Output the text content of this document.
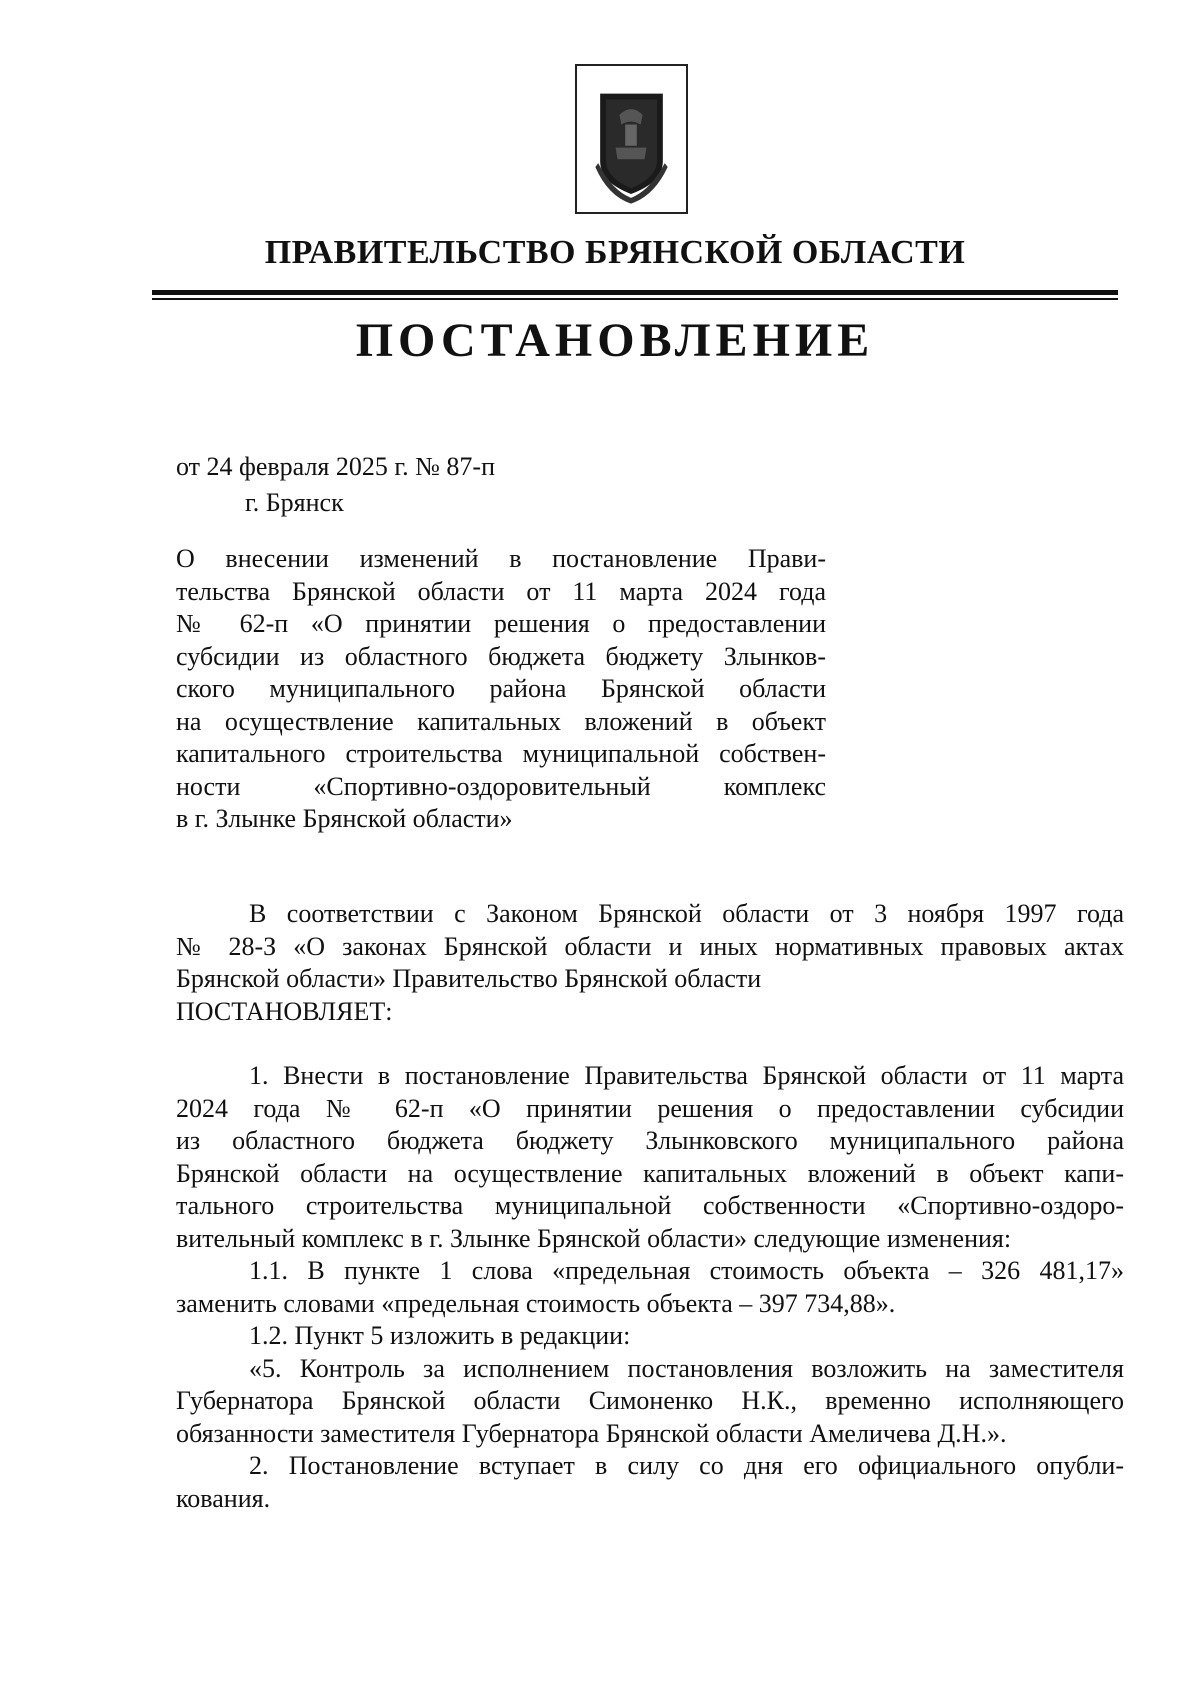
ПРАВИТЕЛЬСТВО БРЯНСКОЙ ОБЛАСТИ
ПОСТАНОВЛЕНИЕ
от 24 февраля 2025 г. № 87-п
г. Брянск
О внесении изменений в постановление Прави-
тельства Брянской области от 11 марта 2024 года
№ 62-п «О принятии решения о предоставлении
субсидии из областного бюджета бюджету Злынков-
ского муниципального района Брянской области
на осуществление капитальных вложений в объект
капитального строительства муниципальной собствен-
ности «Спортивно-оздоровительный комплекс
в г. Злынке Брянской области»
В соответствии с Законом Брянской области от 3 ноября 1997 года
№ 28-З «О законах Брянской области и иных нормативных правовых актах
Брянской области» Правительство Брянской области
ПОСТАНОВЛЯЕТ:
1. Внести в постановление Правительства Брянской области от 11 марта
2024 года № 62-п «О принятии решения о предоставлении субсидии
из областного бюджета бюджету Злынковского муниципального района
Брянской области на осуществление капитальных вложений в объект капи-
тального строительства муниципальной собственности «Спортивно-оздоро-
вительный комплекс в г. Злынке Брянской области» следующие изменения:
1.1. В пункте 1 слова «предельная стоимость объекта – 326 481,17»
заменить словами «предельная стоимость объекта – 397 734,88».
1.2. Пункт 5 изложить в редакции:
«5. Контроль за исполнением постановления возложить на заместителя
Губернатора Брянской области Симоненко Н.К., временно исполняющего
обязанности заместителя Губернатора Брянской области Амеличева Д.Н.».
2. Постановление вступает в силу со дня его официального опубли-
кования.
